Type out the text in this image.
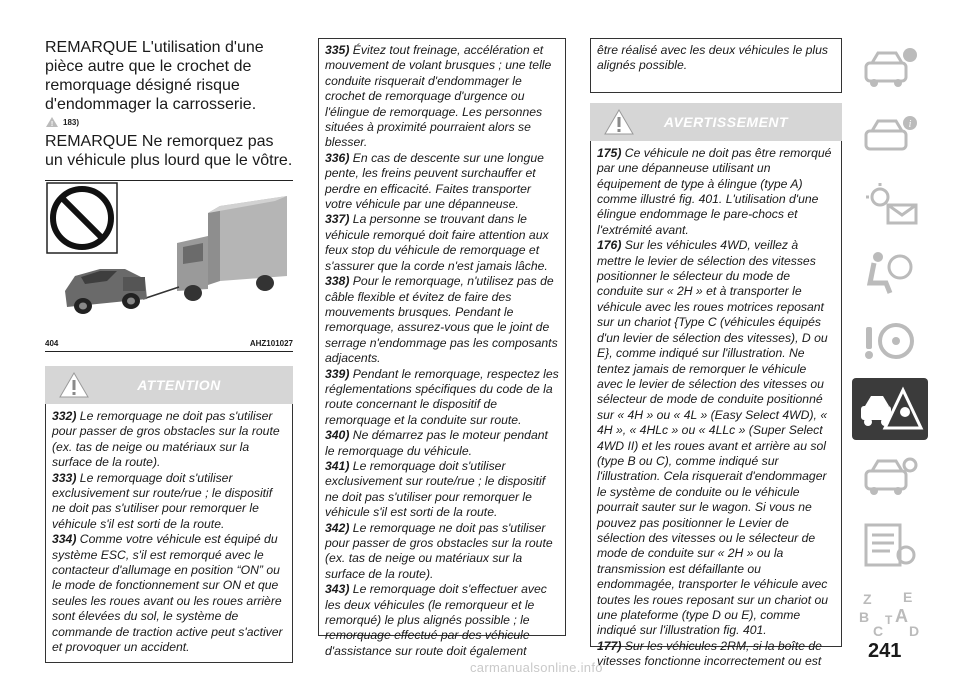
REMARQUE L'utilisation d'une pièce autre que le crochet de remorquage désigné risque d'endommager la carrosserie.

! 183)

REMARQUE Ne remorquez pas un véhicule plus lourd que le vôtre.

404	AHZ101027
ATTENTION

332) Le remorquage ne doit pas s'utiliser pour passer de gros obstacles sur la route (ex. tas de neige ou matériaux sur la surface de la route).

333) Le remorquage doit s'utiliser exclusivement sur route/rue ; le dispositif ne doit pas s'utiliser pour remorquer le véhicule s'il est sorti de la route.

334) Comme votre véhicule est équipé du système ESC, s'il est remorqué avec le contacteur d'allumage en position “ON” ou le mode de fonctionnement sur ON et que seules les roues avant ou les roues arrière sont élevées du sol, le système de commande de traction active peut s'activer et provoquer un accident.

335) Évitez tout freinage, accélération et mouvement de volant brusques ; une telle conduite risquerait d'endommager le crochet de remorquage d'urgence ou l'élingue de remorquage. Les personnes situées à proximité pourraient alors se blesser.

336) En cas de descente sur une longue pente, les freins peuvent surchauffer et perdre en efficacité. Faites transporter votre véhicule par une dépanneuse.

337) La personne se trouvant dans le véhicule remorqué doit faire attention aux feux stop du véhicule de remorquage et s'assurer que la corde n'est jamais lâche.

338) Pour le remorquage, n'utilisez pas de câble flexible et évitez de faire des mouvements brusques. Pendant le remorquage, assurez-vous que le joint de serrage n'endommage pas les composants adjacents.

339) Pendant le remorquage, respectez les réglementations spécifiques du code de la route concernant le dispositif de remorquage et la conduite sur route.

340) Ne démarrez pas le moteur pendant le remorquage du véhicule.

341) Le remorquage doit s'utiliser exclusivement sur route/rue ; le dispositif ne doit pas s'utiliser pour remorquer le véhicule s'il est sorti de la route.

342) Le remorquage ne doit pas s'utiliser pour passer de gros obstacles sur la route (ex. tas de neige ou matériaux sur la surface de la route).

343) Le remorquage doit s'effectuer avec les deux véhicules (le remorqueur et le remorqué) le plus alignés possible ; le remorquage effectué par des véhicule d'assistance sur route doit également

être réalisé avec les deux véhicules le plus alignés possible.

AVERTISSEMENT

175) Ce véhicule ne doit pas être remorqué par une dépanneuse utilisant un équipement de type à élingue (type A) comme illustré fig. 401. L'utilisation d'une élingue endommage le pare-chocs et l'extrémité avant.

176) Sur les véhicules 4WD, veillez à mettre le levier de sélection des vitesses positionner le sélecteur du mode de conduite sur « 2H » et à transporter le véhicule avec les roues motrices reposant sur un chariot {Type C (véhicules équipés d'un levier de sélection des vitesses), D ou E}, comme indiqué sur l'illustration. Ne tentez jamais de remorquer le véhicule avec le levier de sélection des vitesses ou sélecteur de mode de conduite positionné sur « 4H » ou « 4L » (Easy Select 4WD), « 4H », « 4HLc » ou « 4LLc » (Super Select 4WD II) et les roues avant et arrière au sol (type B ou C), comme indiqué sur l'illustration. Cela risquerait d'endommager le système de conduite ou le véhicule pourrait sauter sur le wagon. Si vous ne pouvez pas positionner le Levier de sélection des vitesses ou le sélecteur de mode de conduite sur « 2H » ou la transmission est défaillante ou endommagée, transporter le véhicule avec toutes les roues reposant sur un chariot ou une plateforme (type D ou E), comme indiqué sur l'illustration fig. 401.

177) Sur les véhicules 2RM, si la boîte de vitesses fonctionne incorrectement ou est

i
Z E
B A
C
T
D
241
carmanualsonline.info
